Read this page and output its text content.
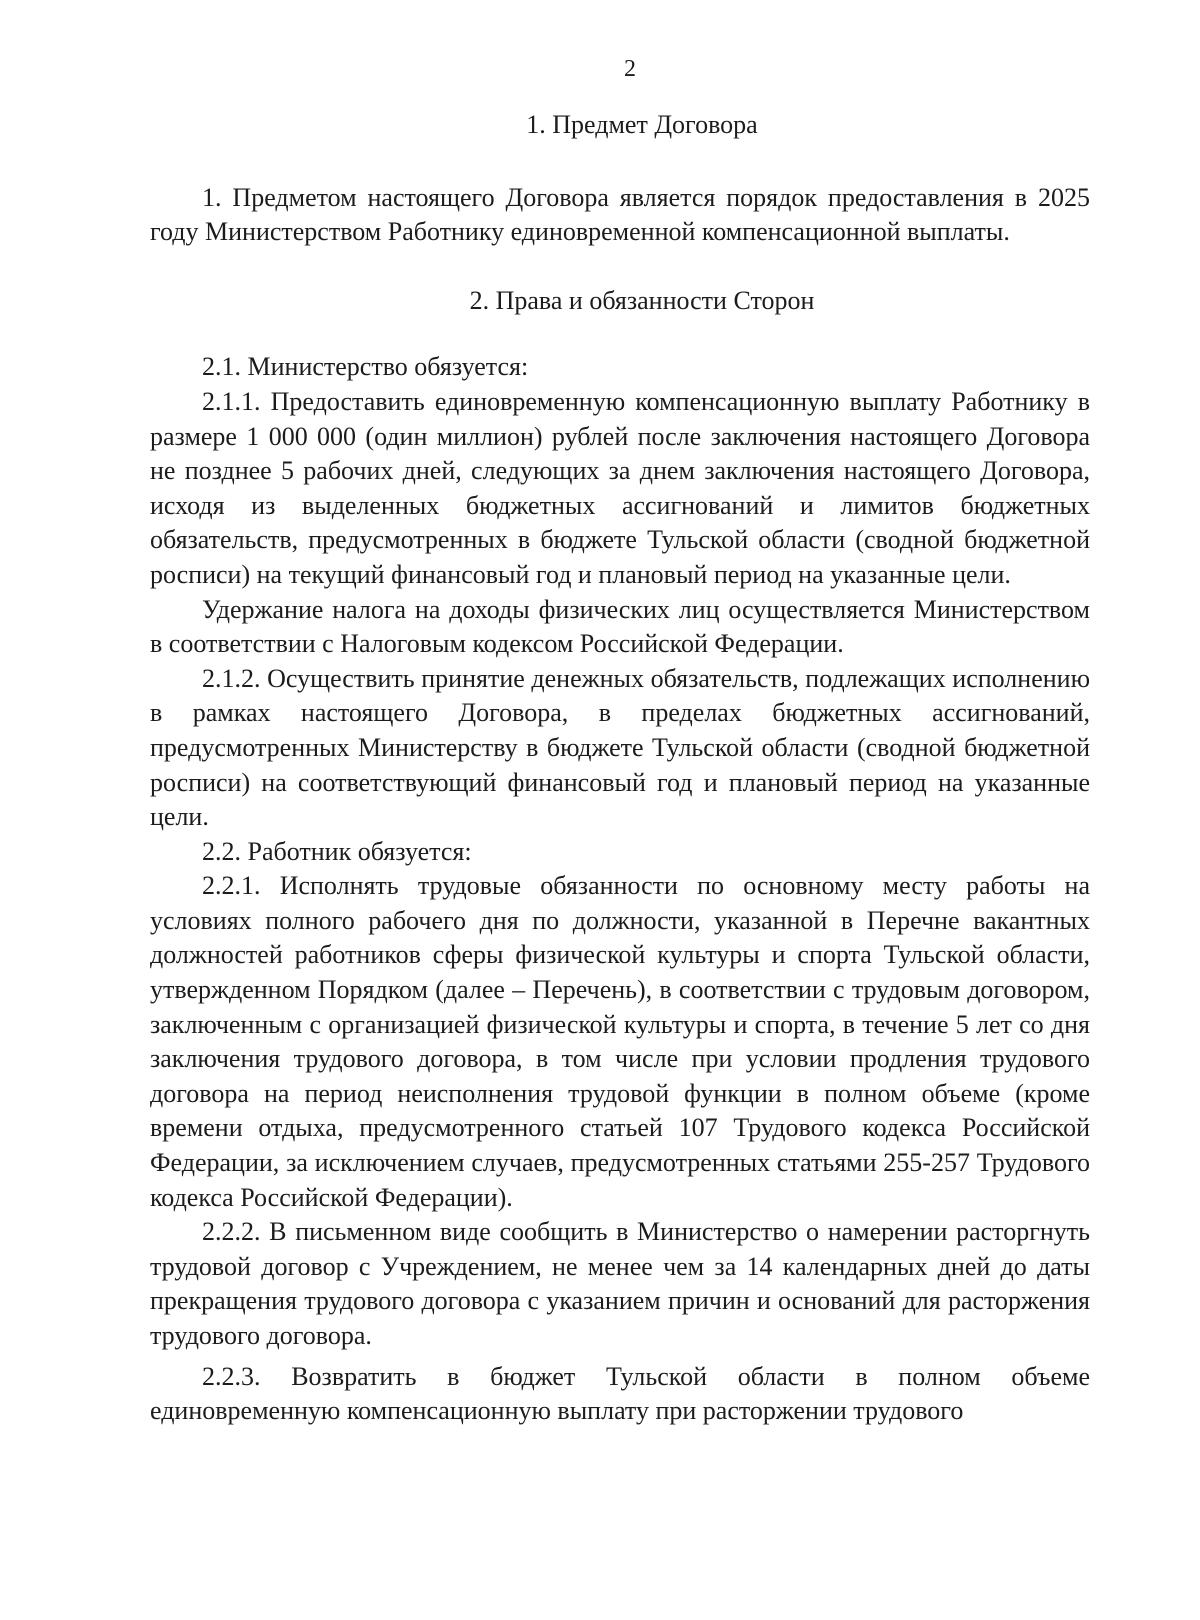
2

1. Предмет Договора

1. Предметом настоящего Договора является порядок предоставления в 2025 году Министерством Работнику единовременной компенсационной выплаты.

2. Права и обязанности Сторон

2.1. Министерство обязуется:

2.1.1. Предоставить единовременную компенсационную выплату Работнику в размере 1 000 000 (один миллион) рублей после заключения настоящего Договора не позднее 5 рабочих дней, следующих за днем заключения настоящего Договора, исходя из выделенных бюджетных ассигнований и лимитов бюджетных обязательств, предусмотренных в бюджете Тульской области (сводной бюджетной росписи) на текущий финансовый год и плановый период на указанные цели.

Удержание налога на доходы физических лиц осуществляется Министерством в соответствии с Налоговым кодексом Российской Федерации.

2.1.2. Осуществить принятие денежных обязательств, подлежащих исполнению в рамках настоящего Договора, в пределах бюджетных ассигнований, предусмотренных Министерству в бюджете Тульской области (сводной бюджетной росписи) на соответствующий финансовый год и плановый период на указанные цели.

2.2. Работник обязуется:

2.2.1. Исполнять трудовые обязанности по основному месту работы на условиях полного рабочего дня по должности, указанной в Перечне вакантных должностей работников сферы физической культуры и спорта Тульской области, утвержденном Порядком (далее – Перечень), в соответствии с трудовым договором, заключенным с организацией физической культуры и спорта, в течение 5 лет со дня заключения трудового договора, в том числе при условии продления трудового договора на период неисполнения трудовой функции в полном объеме (кроме времени отдыха, предусмотренного статьей 107 Трудового кодекса Российской Федерации, за исключением случаев, предусмотренных статьями 255-257 Трудового кодекса Российской Федерации).

2.2.2. В письменном виде сообщить в Министерство о намерении расторгнуть трудовой договор с Учреждением, не менее чем за 14 календарных дней до даты прекращения трудового договора с указанием причин и оснований для расторжения трудового договора.

2.2.3. Возвратить в бюджет Тульской области в полном объеме единовременную компенсационную выплату при расторжении трудового
